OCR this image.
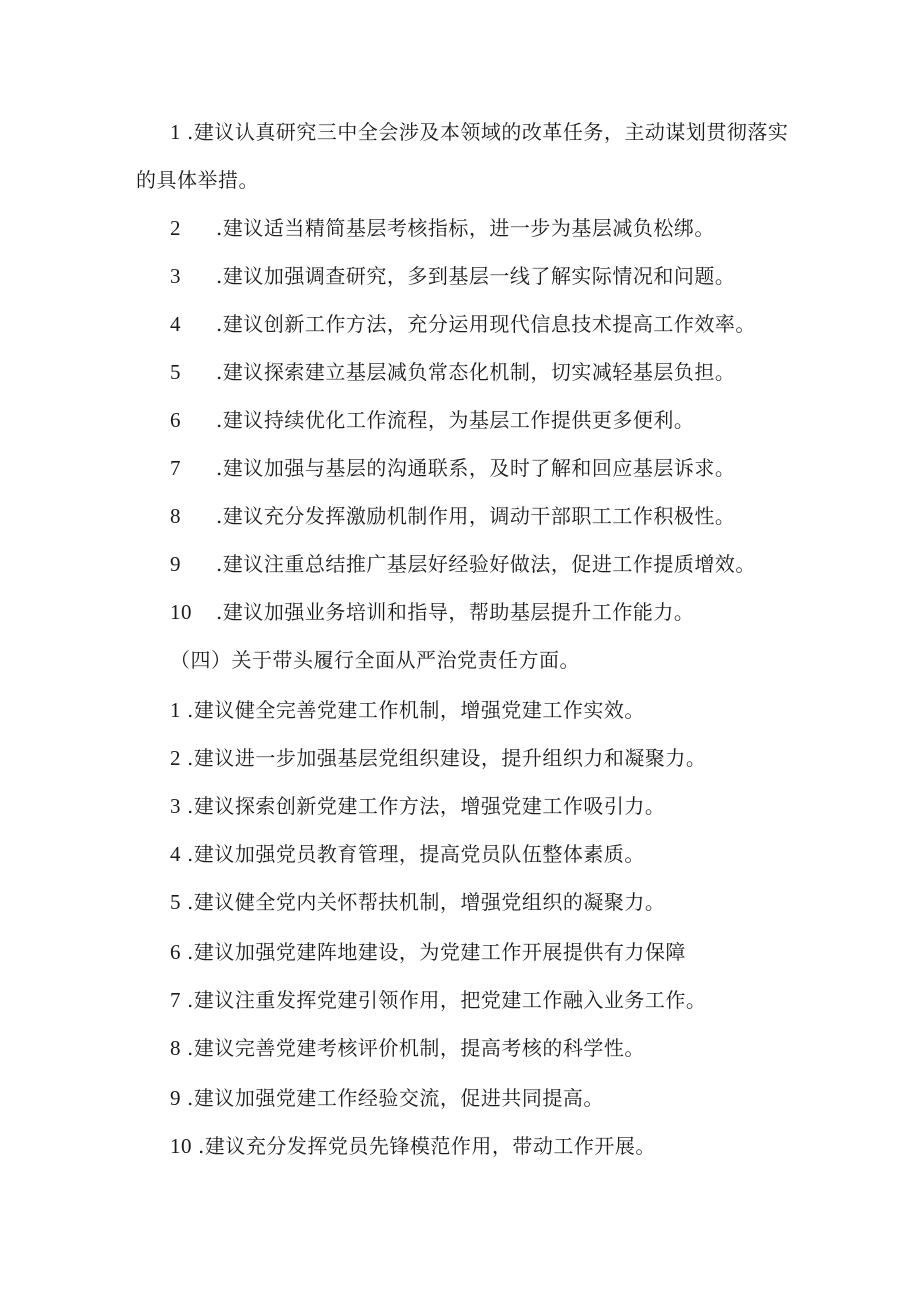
1 .建议认真研究三中全会涉及本领域的改革任务，主动谋划贯彻落实
的具体举措。
2 .建议适当精简基层考核指标，进一步为基层减负松绑。
3 .建议加强调查研究，多到基层一线了解实际情况和问题。
4 .建议创新工作方法，充分运用现代信息技术提高工作效率。
5 .建议探索建立基层减负常态化机制，切实减轻基层负担。
6 .建议持续优化工作流程，为基层工作提供更多便利。
7 .建议加强与基层的沟通联系，及时了解和回应基层诉求。
8 .建议充分发挥激励机制作用，调动干部职工工作积极性。
9 .建议注重总结推广基层好经验好做法，促进工作提质增效。
10 .建议加强业务培训和指导，帮助基层提升工作能力。
（四）关于带头履行全面从严治党责任方面。
1 .建议健全完善党建工作机制，增强党建工作实效。
2 .建议进一步加强基层党组织建设，提升组织力和凝聚力。
3 .建议探索创新党建工作方法，增强党建工作吸引力。
4 .建议加强党员教育管理，提高党员队伍整体素质。
5 .建议健全党内关怀帮扶机制，增强党组织的凝聚力。
6 .建议加强党建阵地建设，为党建工作开展提供有力保障
7 .建议注重发挥党建引领作用，把党建工作融入业务工作。
8 .建议完善党建考核评价机制，提高考核的科学性。
9 .建议加强党建工作经验交流，促进共同提高。
10 .建议充分发挥党员先锋模范作用，带动工作开展。
